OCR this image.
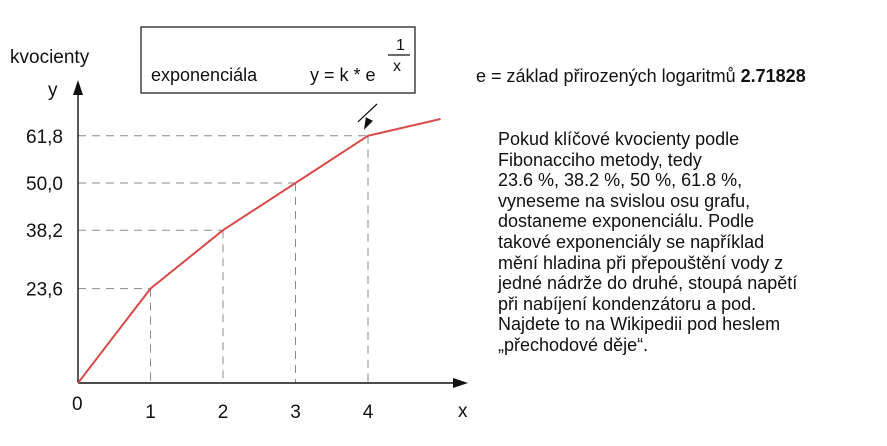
23,6
38,2
50,0
61,8
1	2	3	4
kvocienty
y
x
0
exponenciála	y = k * e
1
x	e = základ přirozených logaritmů 2.71828

Pokud klíčové kvocienty podle

Fibonacciho metody, tedy

23.6 %, 38.2 %, 50 %, 61.8 %,

vyneseme na svislou osu grafu,

dostaneme exponenciálu. Podle

takové exponenciály se například

mění hladina při přepouštění vody z

jedné nádrže do druhé, stoupá napětí

při nabíjení kondenzátoru a pod.

Najdete to na Wikipedii pod heslem

„přechodové děje“.
